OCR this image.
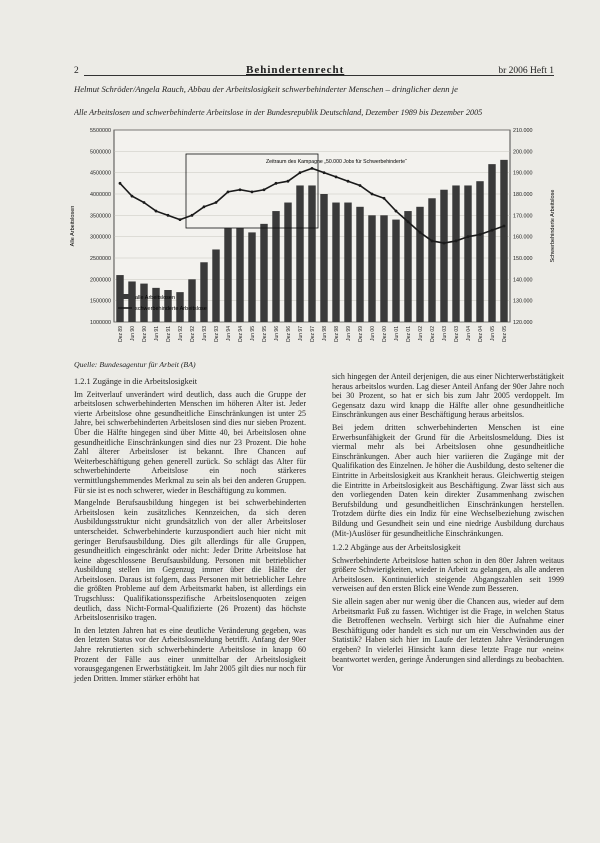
2	Behindertenrecht	br 2006 Heft 1
Helmut Schröder/Angela Rauch, Abbau der Arbeitslosigkeit schwerbehinderter Menschen – dringlicher denn je
Alle Arbeitslosen und schwerbehinderte Arbeitslose in der Bundesrepublik Deutschland, Dezember 1989 bis Dezember 2005
5500000
5000000
4500000
4000000
3500000
3000000
2500000
2000000
1500000
1000000
210.000
200.000
190.000
180.000
170.000
160.000
150.000
140.000
130.000
120.000
Dez 89 Jun 90 Dez 90 Jun 91 Dez 91 Jun 92 Dez 92 Jun 93 Dez 93 Jun 94 Dez 94 Jun 95 Dez 95 Jun 96 Dez 96 Jun 97 Dez 97 Jun 98 Dez 98 Jun 99 Dez 99 Jun 00 Dez 00 Jun 01 Dez 01 Jun 02 Dez 02 Jun 03 Dez 03 Jun 04 Dez 04 Jun 05 Dez 05
Alle Arbeitslosen	Schwerbehinderte Arbeitslose
Zeitraum des Kampagne „50.000 Jobs für Schwerbehinderte“
alle Arbeitslosen
schwerbehinderte Arbeitslose
Quelle: Bundesagentur für Arbeit (BA)
1.2.1 Zugänge in die Arbeitslosigkeit

Im Zeitverlauf unverändert wird deutlich, dass auch die Gruppe der arbeitslosen schwerbehinderten Menschen im höheren Alter ist. Jeder vierte Arbeitslose ohne gesundheitliche Einschränkungen ist unter 25 Jahre, bei schwerbehinderten Arbeitslosen sind dies nur sieben Prozent. Über die Hälfte hingegen sind über Mitte 40, bei Arbeitslosen ohne gesundheitliche Einschränkungen sind dies nur 23 Prozent. Die hohe Zahl älterer Arbeitsloser ist bekannt. Ihre Chancen auf Weiterbeschäftigung gehen generell zurück. So schlägt das Alter für schwerbehinderte Arbeitslose ein noch stärkeres vermittlungshemmendes Merkmal zu sein als bei den anderen Gruppen. Für sie ist es noch schwerer, wieder in Beschäftigung zu kommen.

Mangelnde Berufsausbildung hingegen ist bei schwerbehinderten Arbeitslosen kein zusätzliches Kennzeichen, da sich deren Ausbildungsstruktur nicht grundsätzlich von der aller Arbeitsloser unterscheidet. Schwerbehinderte kurzuspondiert auch hier nicht mit geringer Berufsausbildung. Dies gilt allerdings für alle Gruppen, gesundheitlich eingeschränkt oder nicht: Jeder Dritte Arbeitslose hat keine abgeschlossene Berufsausbildung. Personen mit betrieblicher Ausbildung stellen im Gegenzug immer über die Hälfte der Arbeitslosen. Daraus ist folgern, dass Personen mit betrieblicher Lehre die größten Probleme auf dem Arbeitsmarkt haben, ist allerdings ein Trugschluss: Qualifikationsspezifische Arbeitslosenquoten zeigen deutlich, dass Nicht-Formal-Qualifizierte (26 Prozent) das höchste Arbeitslosenrisiko tragen.

In den letzten Jahren hat es eine deutliche Veränderung gegeben, was den letzten Status vor der Arbeitslosmeldung betrifft. Anfang der 90er Jahre rekrutierten sich schwerbehinderte Arbeitslose in knapp 60 Prozent der Fälle aus einer unmittelbar der Arbeitslosigkeit vorausgegangenen Erwerbstätigkeit. Im Jahr 2005 gilt dies nur noch für jeden Dritten. Immer stärker erhöht hat

sich hingegen der Anteil derjenigen, die aus einer Nichterwerbstätigkeit heraus arbeitslos wurden. Lag dieser Anteil Anfang der 90er Jahre noch bei 30 Prozent, so hat er sich bis zum Jahr 2005 verdoppelt. Im Gegensatz dazu wird knapp die Hälfte aller ohne gesundheitliche Einschränkungen aus einer Beschäftigung heraus arbeitslos.

Bei jedem dritten schwerbehinderten Menschen ist eine Erwerbsunfähigkeit der Grund für die Arbeitslosmeldung. Dies ist viermal mehr als bei Arbeitslosen ohne gesundheitliche Einschränkungen. Aber auch hier variieren die Zugänge mit der Qualifikation des Einzelnen. Je höher die Ausbildung, desto seltener die Eintritte in Arbeitslosigkeit aus Krankheit heraus. Gleichwertig steigen die Eintritte in Arbeitslosigkeit aus Beschäftigung. Zwar lässt sich aus den vorliegenden Daten kein direkter Zusammenhang zwischen Berufsbildung und gesundheitlichen Einschränkungen herstellen. Trotzdem dürfte dies ein Indiz für eine Wechselbeziehung zwischen Bildung und Gesundheit sein und eine niedrige Ausbildung durchaus (Mit-)Auslöser für gesundheitliche Einschränkungen.

1.2.2 Abgänge aus der Arbeitslosigkeit

Schwerbehinderte Arbeitslose hatten schon in den 80er Jahren weitaus größere Schwierigkeiten, wieder in Arbeit zu gelangen, als alle anderen Arbeitslosen. Kontinuierlich steigende Abgangszahlen seit 1999 verweisen auf den ersten Blick eine Wende zum Besseren.

Sie allein sagen aber nur wenig über die Chancen aus, wieder auf dem Arbeitsmarkt Fuß zu fassen. Wichtiger ist die Frage, in welchen Status die Betroffenen wechseln. Verbirgt sich hier die Aufnahme einer Beschäftigung oder handelt es sich nur um ein Verschwinden aus der Statistik? Haben sich hier im Laufe der letzten Jahre Veränderungen ergeben? In vielerlei Hinsicht kann diese letzte Frage nur »nein« beantwortet werden, geringe Änderungen sind allerdings zu beobachten. Vor
